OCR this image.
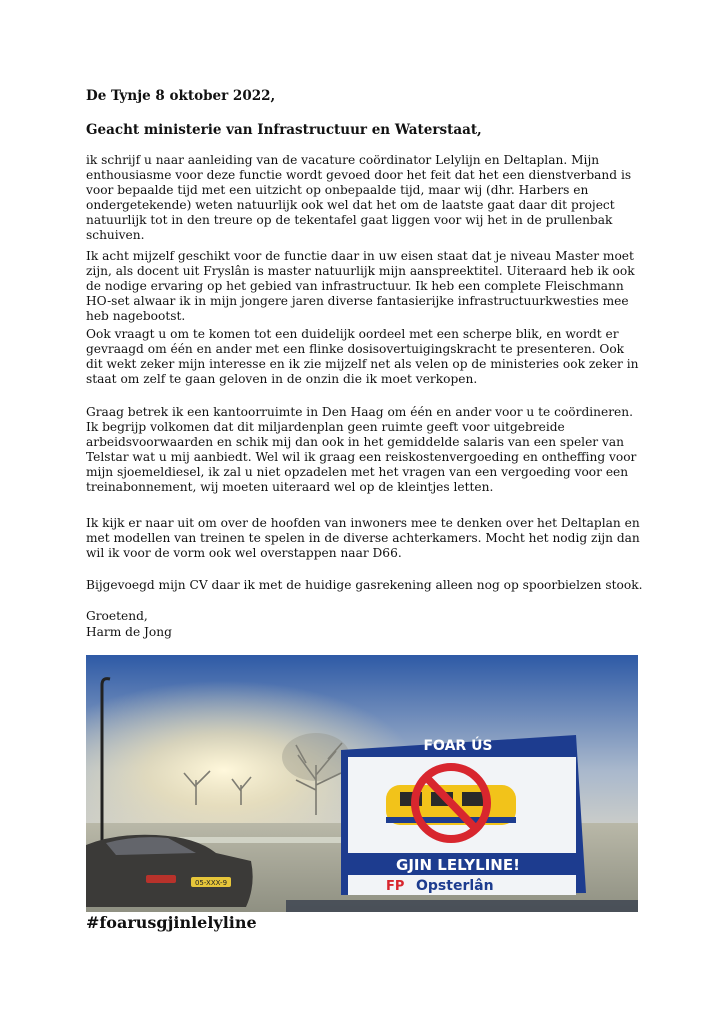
De Tynje 8 oktober 2022,
Geacht ministerie van Infrastructuur en Waterstaat,

ik schrijf u naar aanleiding van de vacature coördinator Lelylijn en Deltaplan. Mijn enthousiasme voor deze functie wordt gevoed door het feit dat het een dienstverband is voor bepaalde tijd met een uitzicht op onbepaalde tijd, maar wij (dhr. Harbers en ondergetekende) weten natuurlijk ook wel dat het om de laatste gaat daar dit project natuurlijk tot in den treure op de tekentafel gaat liggen voor wij het in de prullenbak schuiven.

Ik acht mijzelf geschikt voor de functie daar in uw eisen staat dat je niveau Master moet zijn, als docent uit Fryslân is master natuurlijk mijn aanspreektitel. Uiteraard heb ik ook de nodige ervaring op het gebied van infrastructuur. Ik heb een complete Fleischmann HO-set alwaar ik in mijn jongere jaren diverse fantasierijke infrastructuurkwesties mee heb nagebootst.

Ook vraagt u om te komen tot een duidelijk oordeel met een scherpe blik, en wordt er gevraagd om één en ander met een flinke dosisovertuigingskracht te presenteren. Ook dit wekt zeker mijn interesse en ik zie mijzelf net als velen op de ministeries ook zeker in staat om zelf te gaan geloven in de onzin die ik moet verkopen.

Graag betrek ik een kantoorruimte in Den Haag om één en ander voor u te coördineren. Ik begrijp volkomen dat dit miljardenplan geen ruimte geeft voor uitgebreide arbeidsvoorwaarden en schik mij dan ook in het gemiddelde salaris van een speler van Telstar wat u mij aanbiedt. Wel wil ik graag een reiskostenvergoeding en ontheffing voor mijn sjoemeldiesel, ik zal u niet opzadelen met het vragen van een vergoeding voor een treinabonnement, wij moeten uiteraard wel op de kleintjes letten.

Ik kijk er naar uit om over de hoofden van inwoners mee te denken over het Deltaplan en met modellen van treinen te spelen in de diverse achterkamers. Mocht het nodig zijn dan wil ik voor de vorm ook wel overstappen naar D66.

Bijgevoegd mijn CV daar ik met de huidige gasrekening alleen nog op spoorbielzen stook.

Groetend,
Harm de Jong
05-XXX-9
FOAR ÚS
GJIN LELYLINE!
FP Opsterlân
#foarusgjinlelyline
